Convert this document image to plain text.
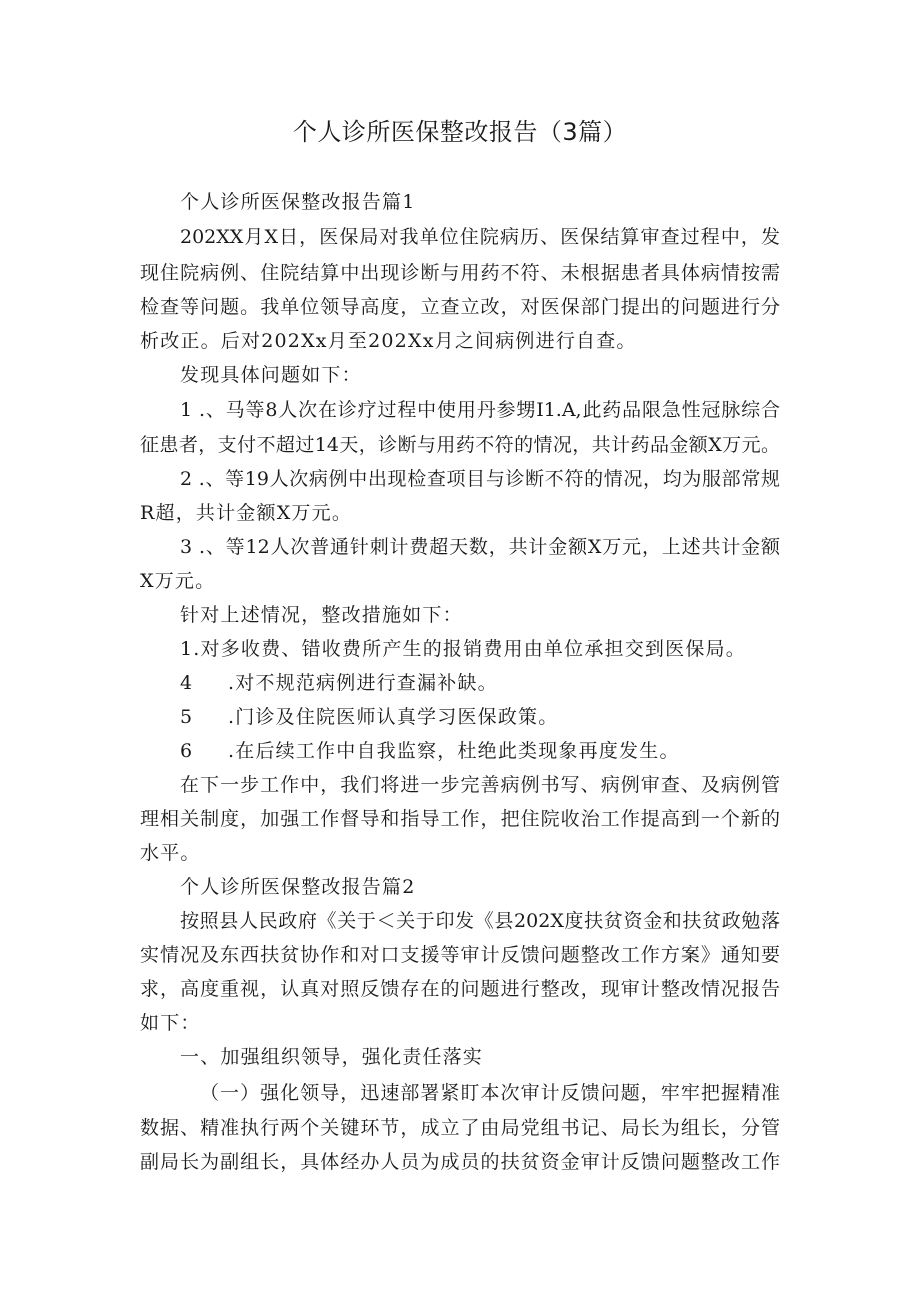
个人诊所医保整改报告（3篇）
个人诊所医保整改报告篇1
202XX月X日，医保局对我单位住院病历、医保结算审查过程中，发
现住院病例、住院结算中出现诊断与用药不符、未根据患者具体病情按需
检查等问题。我单位领导高度，立查立改，对医保部门提出的问题进行分
析改正。后对202Xx月至202Xx月之间病例进行自查。
发现具体问题如下：
1 .、马等8人次在诊疗过程中使用丹参甥I1.A,此药品限急性冠脉综合
征患者，支付不超过14天，诊断与用药不符的情况，共计药品金额X万元。
2 .、等19人次病例中出现检查项目与诊断不符的情况，均为服部常规
R超，共计金额X万元。
3 .、等12人次普通针刺计费超天数，共计金额X万元，上述共计金额
X万元。
针对上述情况，整改措施如下：
1.对多收费、错收费所产生的报销费用由单位承担交到医保局。
4 .对不规范病例进行查漏补缺。
5 .门诊及住院医师认真学习医保政策。
6 .在后续工作中自我监察，杜绝此类现象再度发生。
在下一步工作中，我们将进一步完善病例书写、病例审查、及病例管
理相关制度，加强工作督导和指导工作，把住院收治工作提高到一个新的
水平。
个人诊所医保整改报告篇2
按照县人民政府《关于＜关于印发《县202X度扶贫资金和扶贫政勉落
实情况及东西扶贫协作和对口支援等审计反馈问题整改工作方案》通知要
求，高度重视，认真对照反馈存在的问题进行整改，现审计整改情况报告
如下：
一、加强组织领导，强化责任落实
（一）强化领导，迅速部署紧盯本次审计反馈问题，牢牢把握精准
数据、精准执行两个关键环节，成立了由局党组书记、局长为组长，分管
副局长为副组长，具体经办人员为成员的扶贫资金审计反馈问题整改工作
